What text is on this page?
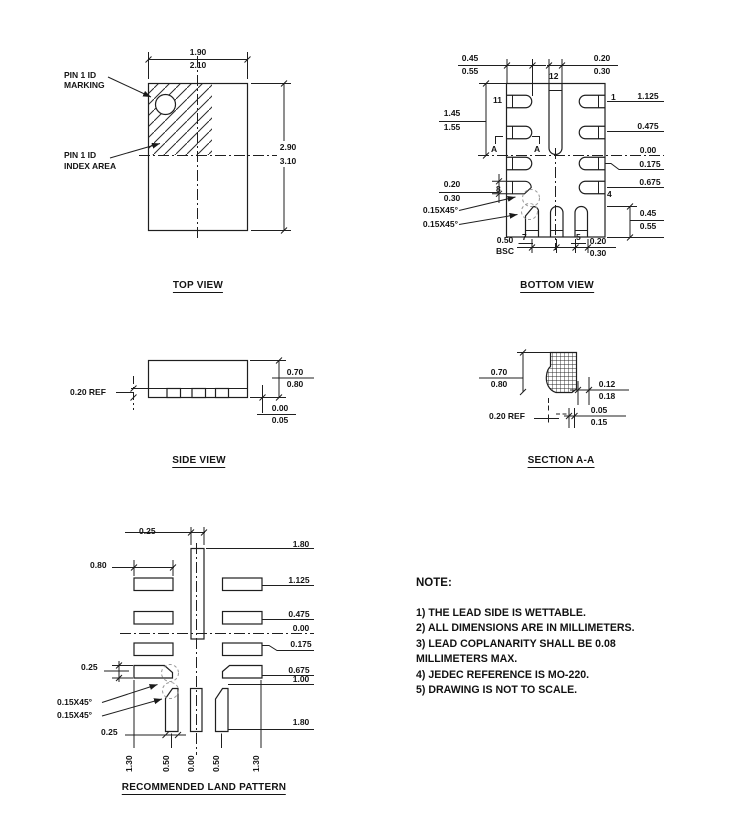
1.90
2.10
PIN 1 ID
MARKING
PIN 1 ID
INDEX AREA
2.90
3.10
TOP VIEW
0.45
0.55
0.20
0.30
12
11	1
1.45
1.55
A	A
0.20
0.30
8	4
0.15X45°
0.15X45°
0.50
BSC
7	5 0.20
0.30
0.45
0.55
1.125
0.475
0.00
0.175
0.675
BOTTOM VIEW
0.20 REF
0.70
0.80
0.00
0.05
SIDE VIEW
0.70
0.80
0.20 REF
0.12
0.18
0.05
0.15
SECTION A-A
0.25
1.80
0.80
1.125
0.475
0.00
0.175
0.675
1.00
1.80
0.25
0.15X45°
0.15X45°
0.25
1.30	0.50 0.00 0.50	1.30
RECOMMENDED LAND PATTERN
NOTE:
1) THE LEAD SIDE IS WETTABLE.
2) ALL DIMENSIONS ARE IN MILLIMETERS.
3) LEAD COPLANARITY SHALL BE 0.08
MILLIMETERS MAX.
4) JEDEC REFERENCE IS MO-220.
5) DRAWING IS NOT TO SCALE.
